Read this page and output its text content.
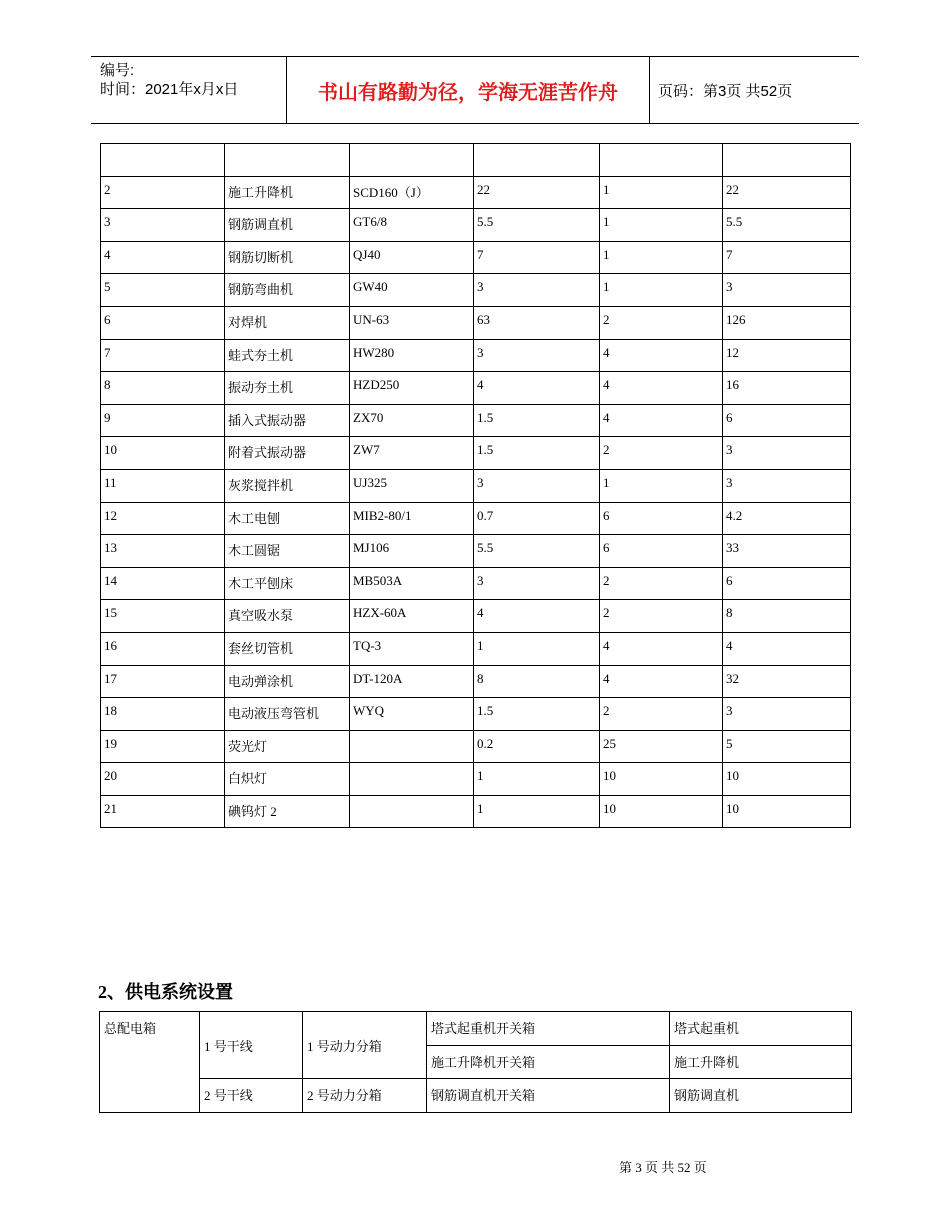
编号:
时间：2021年x月x日	书山有路勤为径，学海无涯苦作舟	页码：第3页 共52页

2	施工升降机	SCD160（J）	22	1	22
3	钢筋调直机	GT6/8	5.5	1	5.5
4	钢筋切断机	QJ40	7	1	7
5	钢筋弯曲机	GW40	3	1	3
6	对焊机	UN-63	63	2	126
7	蛙式夯土机	HW280	3	4	12
8	振动夯土机	HZD250	4	4	16
9	插入式振动器	ZX70	1.5	4	6
10	附着式振动器	ZW7	1.5	2	3
11	灰浆搅拌机	UJ325	3	1	3
12	木工电刨	MIB2-80/1	0.7	6	4.2
13	木工圆锯	MJ106	5.5	6	33
14	木工平刨床	MB503A	3	2	6
15	真空吸水泵	HZX-60A	4	2	8
16	套丝切管机	TQ-3	1	4	4
17	电动弹涂机	DT-120A	8	4	32
18	电动液压弯管机	WYQ	1.5	2	3
19	荧光灯		0.2	25	5
20	白炽灯		1	10	10
21	碘钨灯 2		1	10	10
2、供电系统设置
总配电箱	1 号干线	1 号动力分箱	塔式起重机开关箱	塔式起重机
			施工升降机开关箱	施工升降机
	2 号干线	2 号动力分箱	钢筋调直机开关箱	钢筋调直机
第 3 页 共 52 页
